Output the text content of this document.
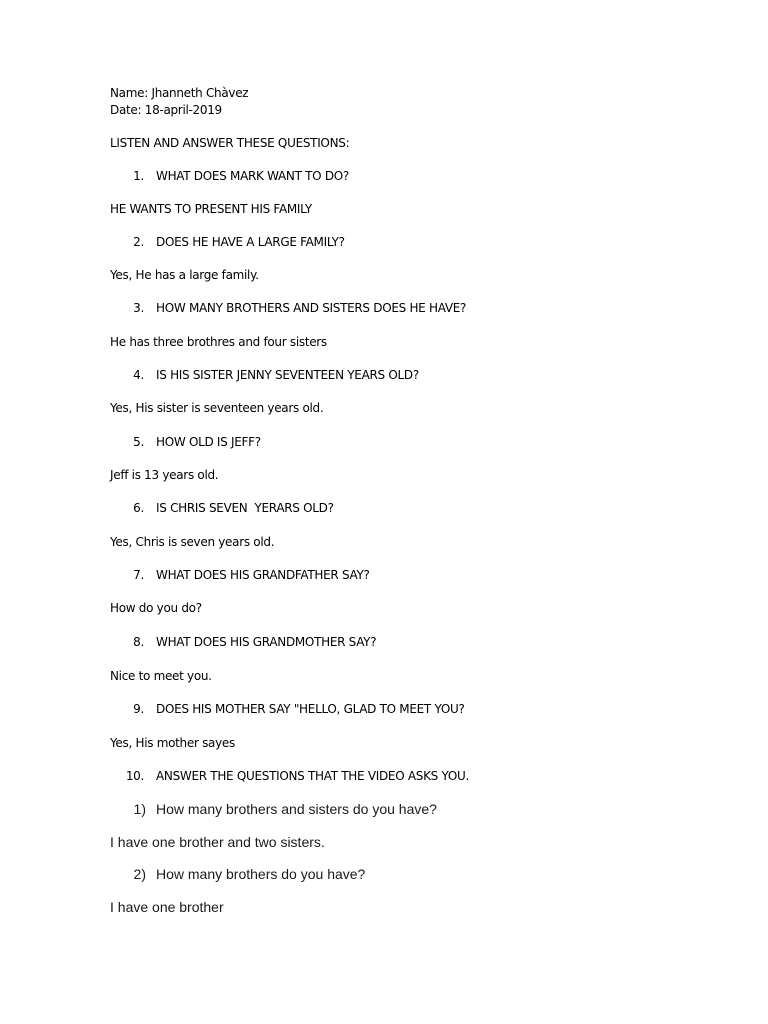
Name: Jhanneth Chàvez
Date: 18-april-2019
LISTEN AND ANSWER THESE QUESTIONS:
1. WHAT DOES MARK WANT TO DO?
HE WANTS TO PRESENT HIS FAMILY
2. DOES HE HAVE A LARGE FAMILY?
Yes, He has a large family.
3. HOW MANY BROTHERS AND SISTERS DOES HE HAVE?
He has three brothres and four sisters
4. IS HIS SISTER JENNY SEVENTEEN YEARS OLD?
Yes, His sister is seventeen years old.
5. HOW OLD IS JEFF?
Jeff is 13 years old.
6. IS CHRIS SEVEN  YERARS OLD?
Yes, Chris is seven years old.
7. WHAT DOES HIS GRANDFATHER SAY?
How do you do?
8. WHAT DOES HIS GRANDMOTHER SAY?
Nice to meet you.
9. DOES HIS MOTHER SAY "HELLO, GLAD TO MEET YOU?
Yes, His mother sayes
10. ANSWER THE QUESTIONS THAT THE VIDEO ASKS YOU.
1) How many brothers and sisters do you have?
I have one brother and two sisters.
2) How many brothers do you have?
I have one brother
